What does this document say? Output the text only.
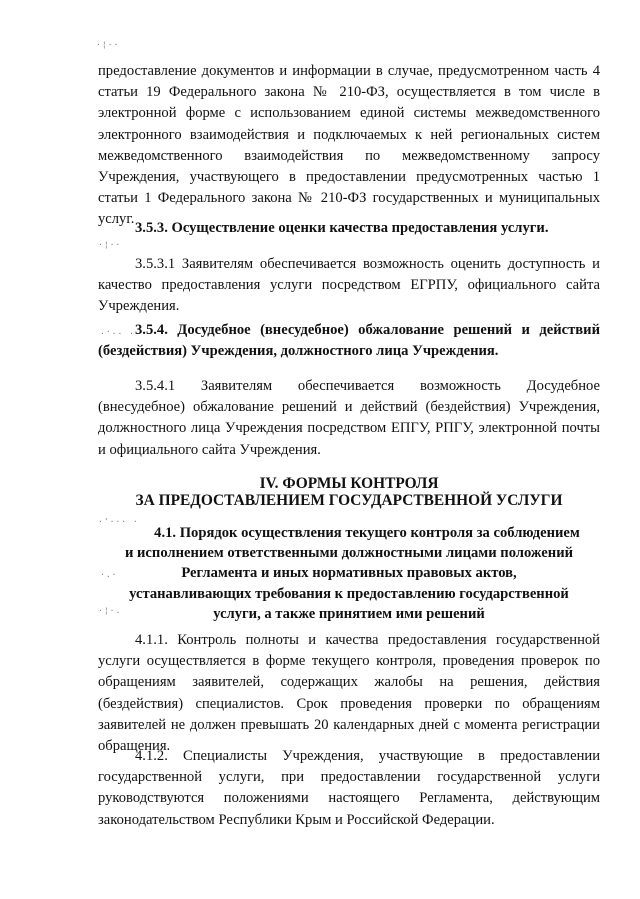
·¦··
предоставление документов и информации в случае, предусмотренном часть 4 статьи 19 Федерального закона № 210-ФЗ, осуществляется в том числе в электронной форме с использованием единой системы межведомственного электронного взаимодействия и подключаемых к ней региональных систем межведомственного взаимодействия по межведомственному запросу Учреждения, участвующего в предоставлении предусмотренных частью 1 статьи 1 Федерального закона № 210-ФЗ государственных и муниципальных услуг.
3.5.3. Осуществление оценки качества предоставления услуги.
·¦··
3.5.3.1 Заявителям обеспечивается возможность оценить доступность и качество предоставления услуги посредством ЕГРПУ, официального сайта Учреждения.
.·.. . 3.5.4. Досудебное (внесудебное) обжалование решений и действий (бездействия) Учреждения, должностного лица Учреждения.
3.5.4.1 Заявителям обеспечивается возможность Досудебное (внесудебное) обжалование решений и действий (бездействия) Учреждения, должностного лица Учреждения посредством ЕПГУ, РПГУ, электронной почты и официального сайта Учреждения.
IV. ФОРМЫ КОНТРОЛЯ
ЗА ПРЕДОСТАВЛЕНИЕМ ГОСУДАРСТВЕННОЙ УСЛУГИ
·'··· ·
4.1. Порядок осуществления текущего контроля за соблюдением
и исполнением ответственными должностными лицами положений
Регламента и иных нормативных правовых актов,
·.·
устанавливающих требования к предоставлению государственной
услуги, а также принятием ими решений
·¦·.
4.1.1. Контроль полноты и качества предоставления государственной услуги осуществляется в форме текущего контроля, проведения проверок по обращениям заявителей, содержащих жалобы на решения, действия (бездействия) специалистов. Срок проведения проверки по обращениям заявителей не должен превышать 20 календарных дней с момента регистрации обращения.
4.1.2. Специалисты Учреждения, участвующие в предоставлении государственной услуги, при предоставлении государственной услуги руководствуются положениями настоящего Регламента, действующим законодательством Республики Крым и Российской Федерации.
